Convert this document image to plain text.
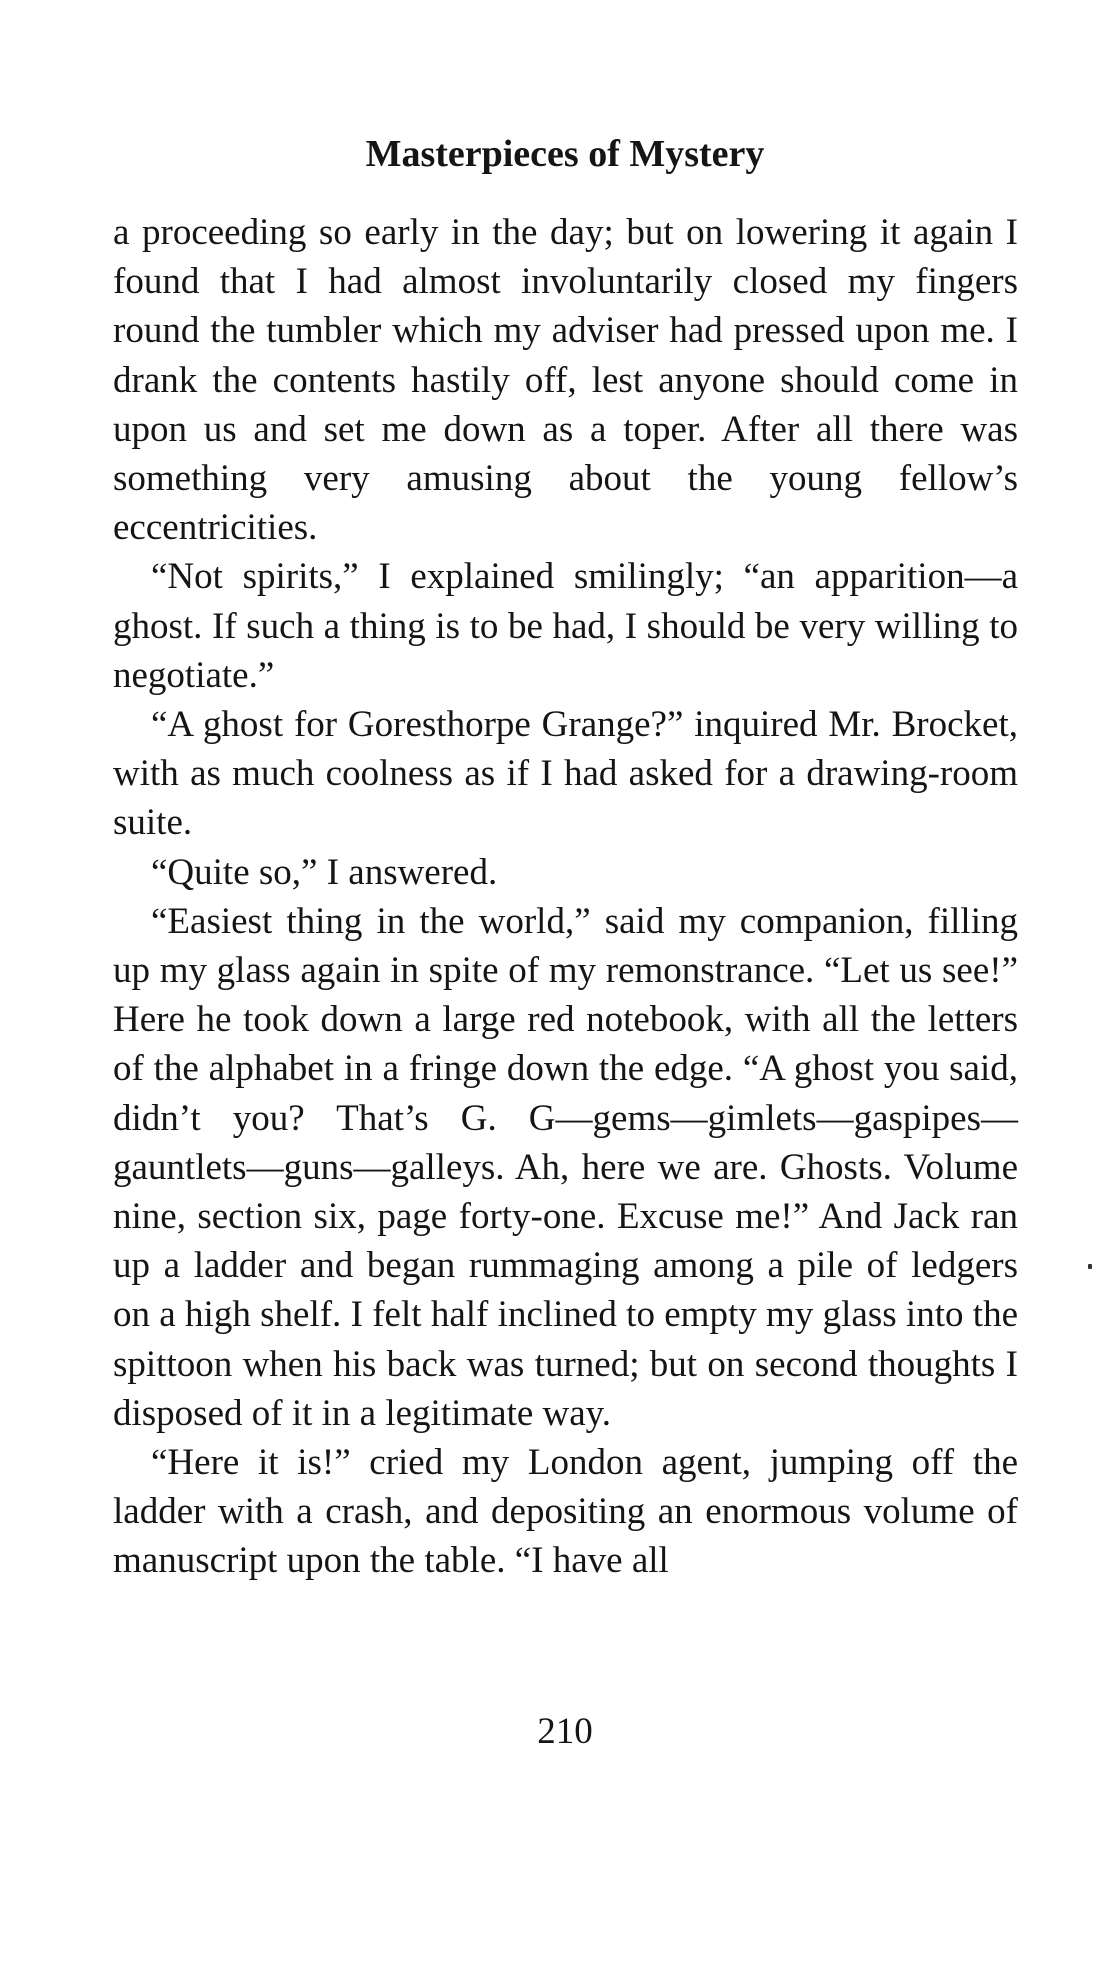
Masterpieces of Mystery

a proceeding so early in the day; but on lowering it again I found that I had almost involuntarily closed my fingers round the tumbler which my adviser had pressed upon me. I drank the contents hastily off, lest anyone should come in upon us and set me down as a toper. After all there was something very amusing about the young fellow’s eccentricities.

“Not spirits,” I explained smilingly; “an apparition—a ghost. If such a thing is to be had, I should be very willing to negotiate.”

“A ghost for Goresthorpe Grange?” inquired Mr. Brocket, with as much coolness as if I had asked for a drawing-room suite.

“Quite so,” I answered.

“Easiest thing in the world,” said my companion, filling up my glass again in spite of my remonstrance. “Let us see!” Here he took down a large red notebook, with all the letters of the alphabet in a fringe down the edge. “A ghost you said, didn’t you? That’s G. G—gems—gimlets—gaspipes—gauntlets—guns—galleys. Ah, here we are. Ghosts. Volume nine, section six, page forty-one. Excuse me!” And Jack ran up a ladder and began rummaging among a pile of ledgers on a high shelf. I felt half inclined to empty my glass into the spittoon when his back was turned; but on second thoughts I disposed of it in a legitimate way.

“Here it is!” cried my London agent, jumping off the ladder with a crash, and depositing an enormous volume of manuscript upon the table. “I have all

210
